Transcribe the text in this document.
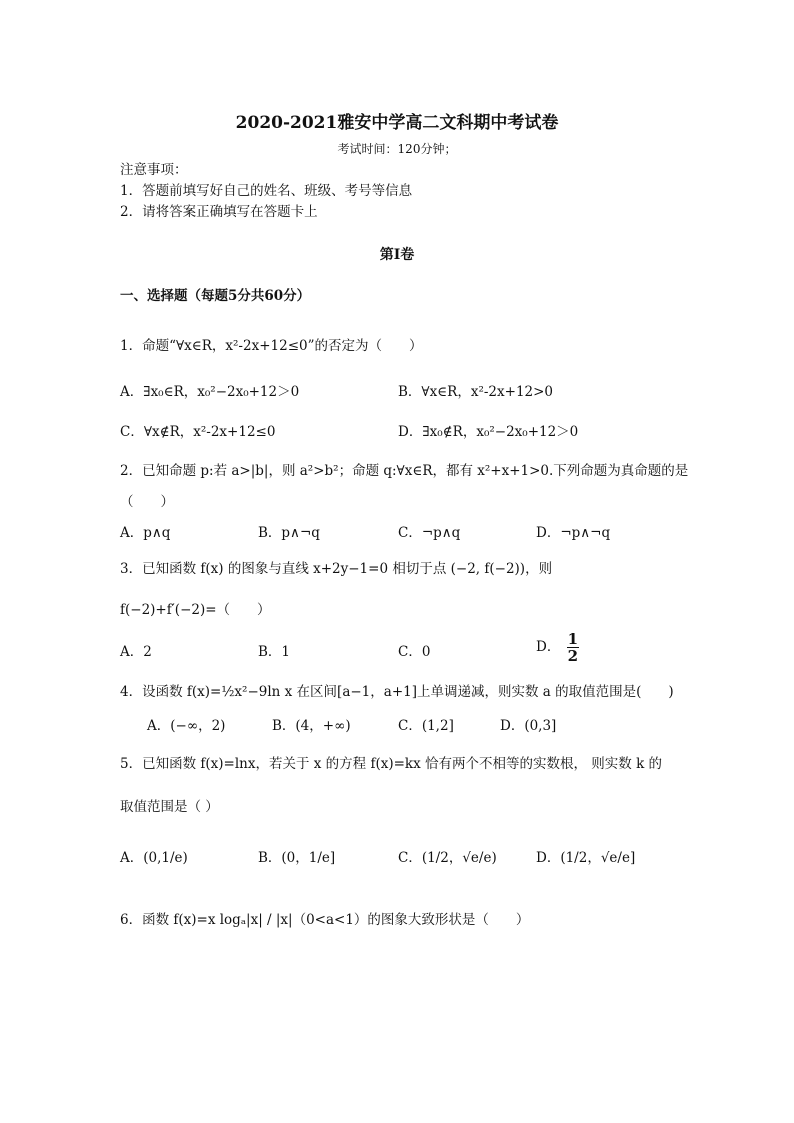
2020-2021雅安中学高二文科期中考试卷
考试时间：120分钟；
注意事项：
1．答题前填写好自己的姓名、班级、考号等信息
2．请将答案正确填写在答题卡上
第I卷
一、选择题（每题5分共60分）
1．命题“∀x∈R，x²-2x+12≤0”的否定为（　　）
A．∃x₀∈R，x₀²−2x₀+12＞0	B．∀x∈R，x²-2x+12>0
C．∀x∉R，x²-2x+12≤0	D．∃x₀∉R，x₀²−2x₀+12＞0
2．已知命题 p:若 a>|b|，则 a²>b²；命题 q:∀x∈R，都有 x²+x+1>0.下列命题为真命题的是
（　　）
A．p∧q	B．p∧¬q	C．¬p∧q	D．¬p∧¬q
3．已知函数 f(x) 的图象与直线 x+2y−1=0 相切于点 (−2, f(−2))，则
f(−2)+f′(−2)=（　　）
A．2	B．1	C．0	D． $\frac{1}{2}$
4．设函数 f(x)=½x²−9ln x 在区间[a−1，a+1]上单调递减，则实数 a 的取值范围是(　　)
A．(−∞，2)	B．(4，+∞)	C．(1,2]	D．(0,3]
5．已知函数 f(x)=lnx，若关于 x 的方程 f(x)=kx 恰有两个不相等的实数根， 则实数 k 的
取值范围是（ ）
A．(0,1/e)	B．(0，1/e]	C．(1/2，√e/e)	D．(1/2，√e/e]
6．函数 f(x)=x logₐ|x| / |x|（0<a<1）的图象大致形状是（　　）
